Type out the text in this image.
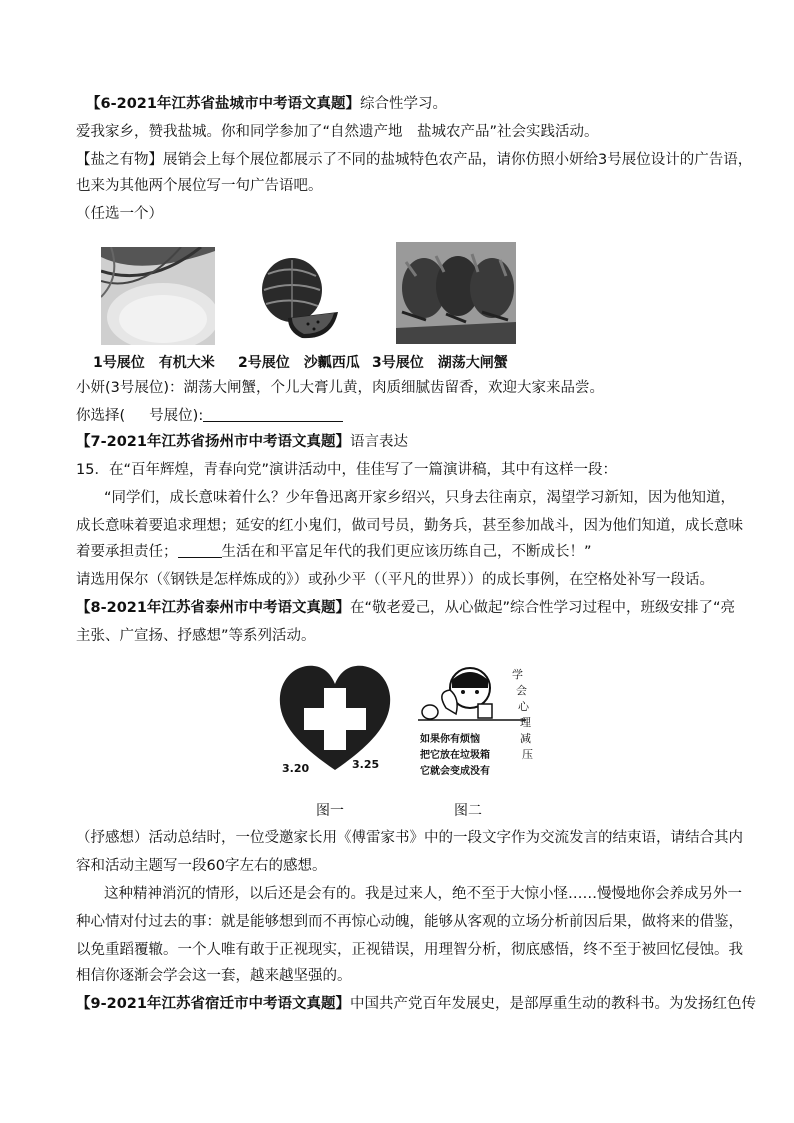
【6-2021年江苏省盐城市中考语文真题】综合性学习。
爱我家乡，赞我盐城。你和同学参加了“自然遗产地　盐城农产品”社会实践活动。
【盐之有物】展销会上每个展位都展示了不同的盐城特色农产品，请你仿照小妍给3号展位设计的广告语，
也来为其他两个展位写一句广告语吧。
（任选一个）
1号展位　有机大米 2号展位　沙瓤西瓜 3号展位　湖荡大闸蟹
小妍(3号展位)：湖荡大闸蟹，个儿大膏儿黄，肉质细腻齿留香，欢迎大家来品尝。
你选择( 号展位):
【7-2021年江苏省扬州市中考语文真题】语言表达
15．在“百年辉煌，青春向党”演讲活动中，佳佳写了一篇演讲稿，其中有这样一段：
“同学们，成长意味着什么？少年鲁迅离开家乡绍兴，只身去往南京，渴望学习新知，因为他知道，
成长意味着要追求理想；延安的红小鬼们，做司号员，勤务兵，甚至参加战斗，因为他们知道，成长意味
着要承担责任；	生活在和平富足年代的我们更应该历练自己，不断成长！”
请选用保尔（《钢铁是怎样炼成的》）或孙少平（（平凡的世界））的成长事例，在空格处补写一段话。
【8-2021年江苏省泰州市中考语文真题】在“敬老爱己，从心做起”综合性学习过程中，班级安排了“亮
主张、广宣扬、抒感想”等系列活动。
3.20	3.25
学
会
心
理
减
压
如果你有烦恼
把它放在垃圾箱
它就会变成没有
图一	图二
（抒感想）活动总结时，一位受邀家长用《傅雷家书》中的一段文字作为交流发言的结束语，请结合其内
容和活动主题写一段60字左右的感想。
这种精神消沉的情形，以后还是会有的。我是过来人，绝不至于大惊小怪……慢慢地你会养成另外一
种心情对付过去的事：就是能够想到而不再惊心动魄，能够从客观的立场分析前因后果，做将来的借鉴，
以免重蹈覆辙。一个人唯有敢于正视现实，正视错误，用理智分析，彻底感悟，终不至于被回忆侵蚀。我
相信你逐渐会学会这一套，越来越坚强的。
【9-2021年江苏省宿迁市中考语文真题】中国共产党百年发展史，是部厚重生动的教科书。为发扬红色传
